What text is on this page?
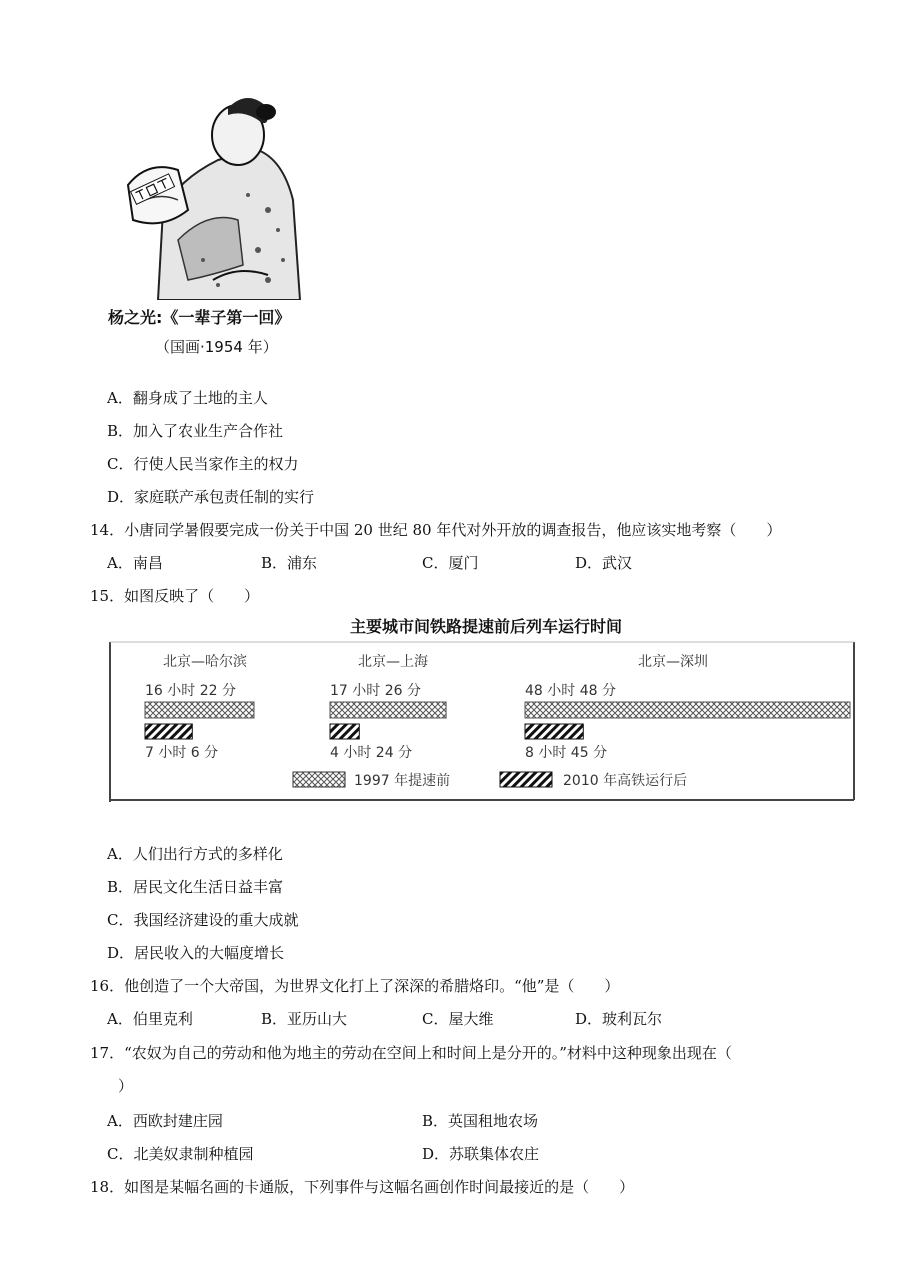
杨之光:《一辈子第一回》
（国画·1954 年）
A．翻身成了土地的主人
B．加入了农业生产合作社
C．行使人民当家作主的权力
D．家庭联产承包责任制的实行
14．小唐同学暑假要完成一份关于中国 20 世纪 80 年代对外开放的调查报告，他应该实地考察（　　）
A．南昌	B．浦东	C．厦门	D．武汉
15．如图反映了（　　）
主要城市间铁路提速前后列车运行时间
北京—哈尔滨
16 小时 22 分
7 小时 6 分
北京—上海
17 小时 26 分
4 小时 24 分
北京—深圳
48 小时 48 分
8 小时 45 分
1997 年提速前	2010 年高铁运行后
A．人们出行方式的多样化
B．居民文化生活日益丰富
C．我国经济建设的重大成就
D．居民收入的大幅度增长
16．他创造了一个大帝国，为世界文化打上了深深的希腊烙印。“他”是（　　）
A．伯里克利	B．亚历山大	C．屋大维	D．玻利瓦尔
17．“农奴为自己的劳动和他为地主的劳动在空间上和时间上是分开的。”材料中这种现象出现在（
）
A．西欧封建庄园	B．英国租地农场
C．北美奴隶制种植园	D．苏联集体农庄
18．如图是某幅名画的卡通版，下列事件与这幅名画创作时间最接近的是（　　）
